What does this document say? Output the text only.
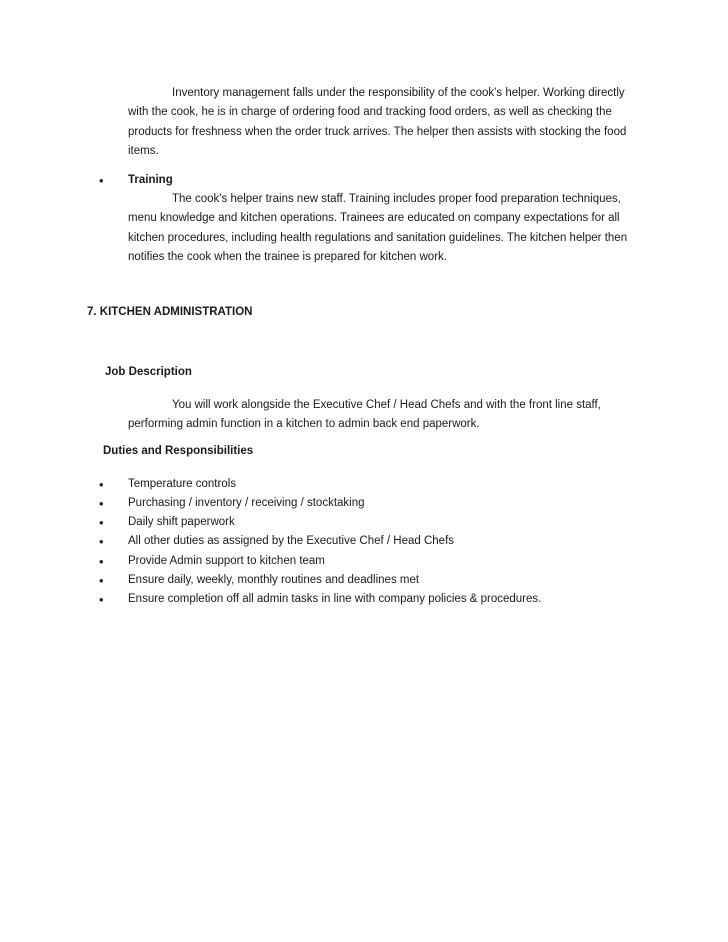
Inventory management falls under the responsibility of the cook's helper. Working directly with the cook, he is in charge of ordering food and tracking food orders, as well as checking the products for freshness when the order truck arrives. The helper then assists with stocking the food items.
•	Training
The cook's helper trains new staff. Training includes proper food preparation techniques, menu knowledge and kitchen operations. Trainees are educated on company expectations for all kitchen procedures, including health regulations and sanitation guidelines. The kitchen helper then notifies the cook when the trainee is prepared for kitchen work.
7. KITCHEN ADMINISTRATION
Job Description
You will work alongside the Executive Chef / Head Chefs and with the front line staff, performing admin function in a kitchen to admin back end paperwork.
Duties and Responsibilities
•	Temperature controls
•	Purchasing / inventory / receiving / stocktaking
•	Daily shift paperwork
•	All other duties as assigned by the Executive Chef / Head Chefs
•	Provide Admin support to kitchen team
•	Ensure daily, weekly, monthly routines and deadlines met
•	Ensure completion off all admin tasks in line with company policies & procedures.
